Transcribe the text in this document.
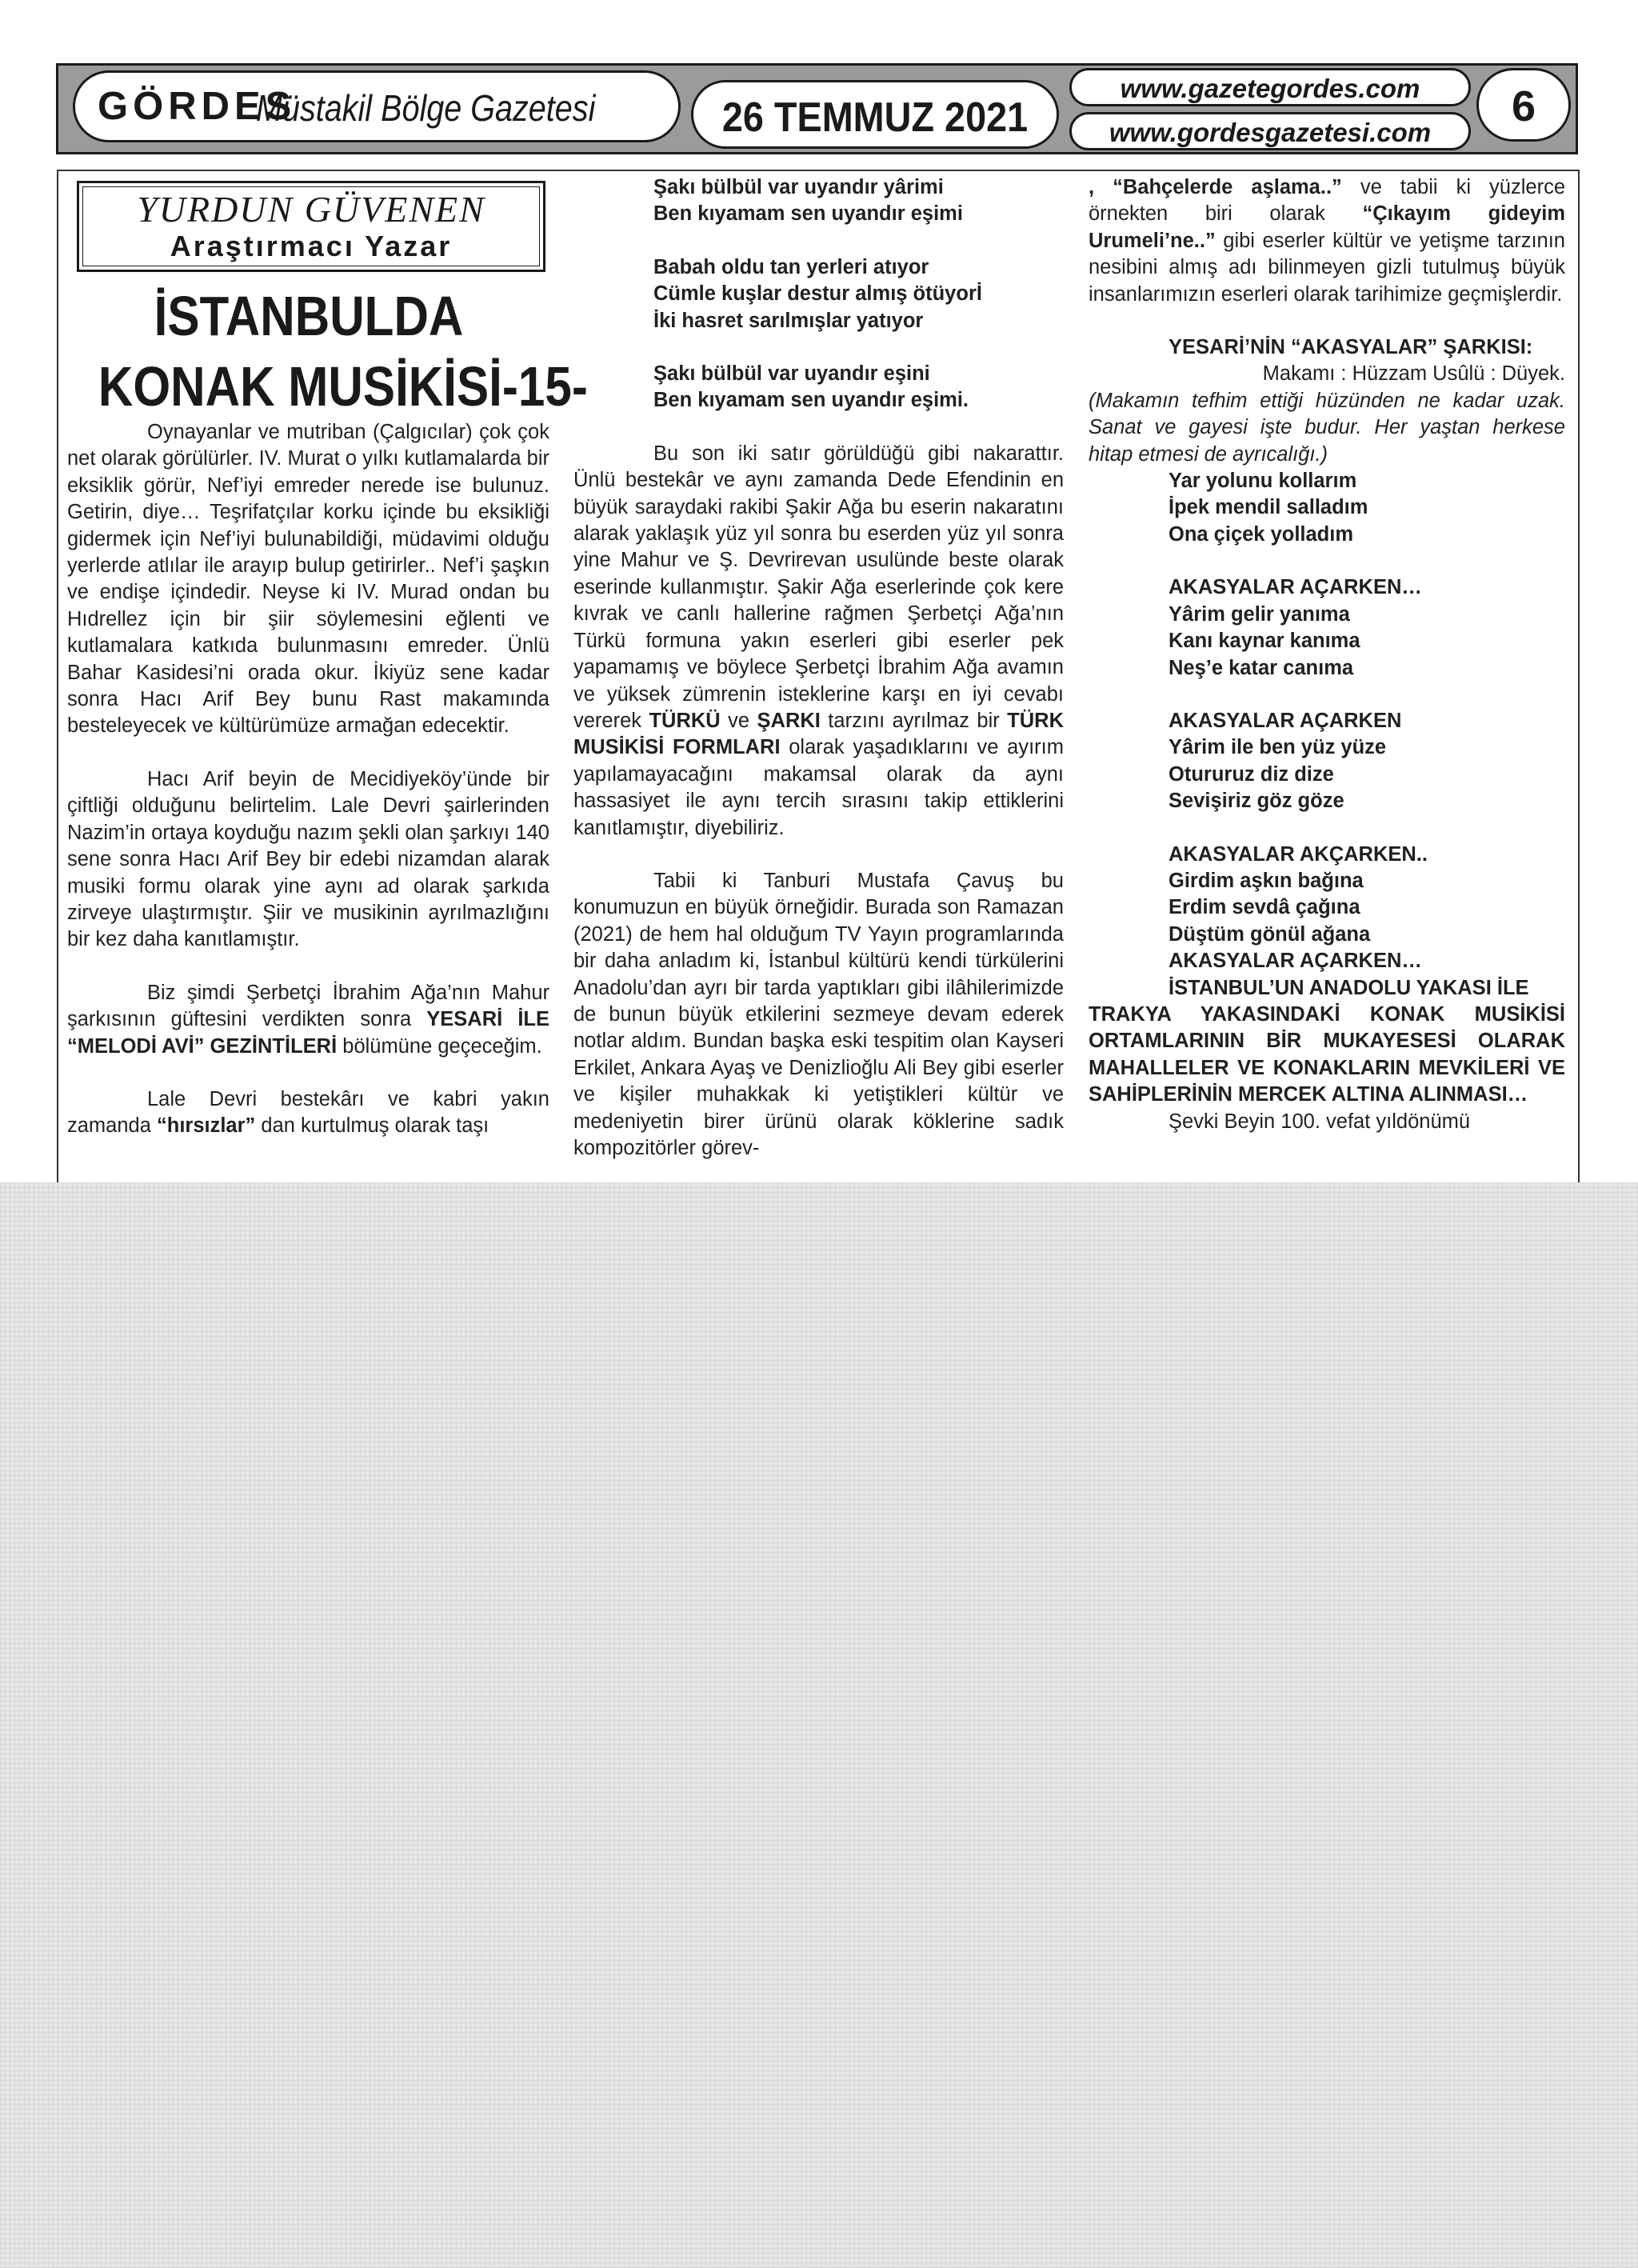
GÖRDES
Müstakil Bölge Gazetesi	26 TEMMUZ 2021
www.gazetegordes.com
www.gordesgazetesi.com
6
YURDUN GÜVENEN
Araştırmacı Yazar
İSTANBULDA
KONAK MUSİKİSİ-15-

Oynayanlar ve mutriban (Çalgıcılar) çok çok net olarak görülürler. IV. Murat o yılkı kutlamalarda bir eksiklik görür, Nef’iyi emreder nerede ise bulunuz. Getirin, diye… Teşrifatçılar korku içinde bu eksikliği gidermek için Nef’iyi bulunabildiği, müdavimi olduğu yerlerde atlılar ile arayıp bulup getirirler.. Nef’i şaşkın ve endişe içindedir. Neyse ki IV. Murad ondan bu Hıdrellez için bir şiir söylemesini eğlenti ve kutlamalara katkıda bulunmasını emreder. Ünlü Bahar Kasidesi’ni orada okur. İkiyüz sene kadar sonra Hacı Arif Bey bunu Rast makamında besteleyecek ve kültürümüze armağan edecektir.

Hacı Arif beyin de Mecidiyeköy’ünde bir çiftliği olduğunu belirtelim. Lale Devri şairlerinden Nazim’in ortaya koyduğu nazım şekli olan şarkıyı 140 sene sonra Hacı Arif Bey bir edebi nizamdan alarak musiki formu olarak yine aynı ad olarak şarkıda zirveye ulaştırmıştır. Şiir ve musikinin ayrılmazlığını bir kez daha kanıtlamıştır.

Biz şimdi Şerbetçi İbrahim Ağa’nın Mahur şarkısının güftesini verdikten sonra YESARİ İLE “MELODİ AVİ” GEZİNTİLERİ bölümüne geçeceğim.

Lale Devri bestekârı ve kabri yakın zamanda “hırsızlar” dan kurtulmuş olarak taşı

Şakı bülbül var uyandır yârimi
Ben kıyamam sen uyandır eşimi
Babah oldu tan yerleri atıyor
Cümle kuşlar destur almış ötüyorİ
İki hasret sarılmışlar yatıyor
Şakı bülbül var uyandır eşini
Ben kıyamam sen uyandır eşimi.

Bu son iki satır görüldüğü gibi nakarattır. Ünlü bestekâr ve aynı zamanda Dede Efendinin en büyük saraydaki rakibi Şakir Ağa bu eserin nakaratını alarak yaklaşık yüz yıl sonra bu eserden yüz yıl sonra yine Mahur ve Ş. Devrirevan usulünde beste olarak eserinde kullanmıştır. Şakir Ağa eserlerinde çok kere kıvrak ve canlı hallerine rağmen Şerbetçi Ağa’nın Türkü formuna yakın eserleri gibi eserler pek yapamamış ve böylece Şerbetçi İbrahim Ağa avamın ve yüksek zümrenin isteklerine karşı en iyi cevabı vererek TÜRKÜ ve ŞARKI tarzını ayrılmaz bir TÜRK MUSİKİSİ FORMLARI olarak yaşadıklarını ve ayırım yapılamayacağını makamsal olarak da aynı hassasiyet ile aynı tercih sırasını takip ettiklerini kanıtlamıştır, diyebiliriz.

Tabii ki Tanburi Mustafa Çavuş bu konumuzun en büyük örneğidir. Burada son Ramazan (2021) de hem hal olduğum TV Yayın programlarında bir daha anladım ki, İstanbul kültürü kendi türkülerini Anadolu’dan ayrı bir tarda yaptıkları gibi ilâhilerimizde de bunun büyük etkilerini sezmeye devam ederek notlar aldım. Bundan başka eski tespitim olan Kayseri Erkilet, Ankara Ayaş ve Denizlioğlu Ali Bey gibi eserler ve kişiler muhakkak ki yetiştikleri kültür ve medeniyetin birer ürünü olarak köklerine sadık kompozitörler görev-

, “Bahçelerde aşlama..” ve tabii ki yüzlerce örnekten biri olarak “Çıkayım gideyim Urumeli’ne..” gibi eserler kültür ve yetişme tarzının nesibini almış adı bilinmeyen gizli tutulmuş büyük insanlarımızın eserleri olarak tarihimize geçmişlerdir.

YESARİ’NİN “AKASYALAR” ŞARKISI:

Makamı : Hüzzam Usûlü : Düyek.

(Makamın tefhim ettiği hüzünden ne kadar uzak. Sanat ve gayesi işte budur. Her yaştan herkese hitap etmesi de ayrıcalığı.)

Yar yolunu kollarım
İpek mendil salladım
Ona çiçek yolladım
AKASYALAR AÇARKEN…
Yârim gelir yanıma
Kanı kaynar kanıma
Neş’e katar canıma
AKASYALAR AÇARKEN
Yârim ile ben yüz yüze
Otururuz diz dize
Sevişiriz göz göze
AKASYALAR AKÇARKEN..
Girdim aşkın bağına
Erdim sevdâ çağına
Düştüm gönül ağana
AKASYALAR AÇARKEN…

İSTANBUL’UN ANADOLU YAKASI İLE

TRAKYA YAKASINDAKİ KONAK MUSİKİSİ ORTAMLARININ BİR MUKAYESESİ OLARAK MAHALLELER VE KONAKLARIN MEVKİLERİ VE SAHİPLERİNİN MERCEK ALTINA ALINMASI…

Şevki Beyin 100. vefat yıldönümü
